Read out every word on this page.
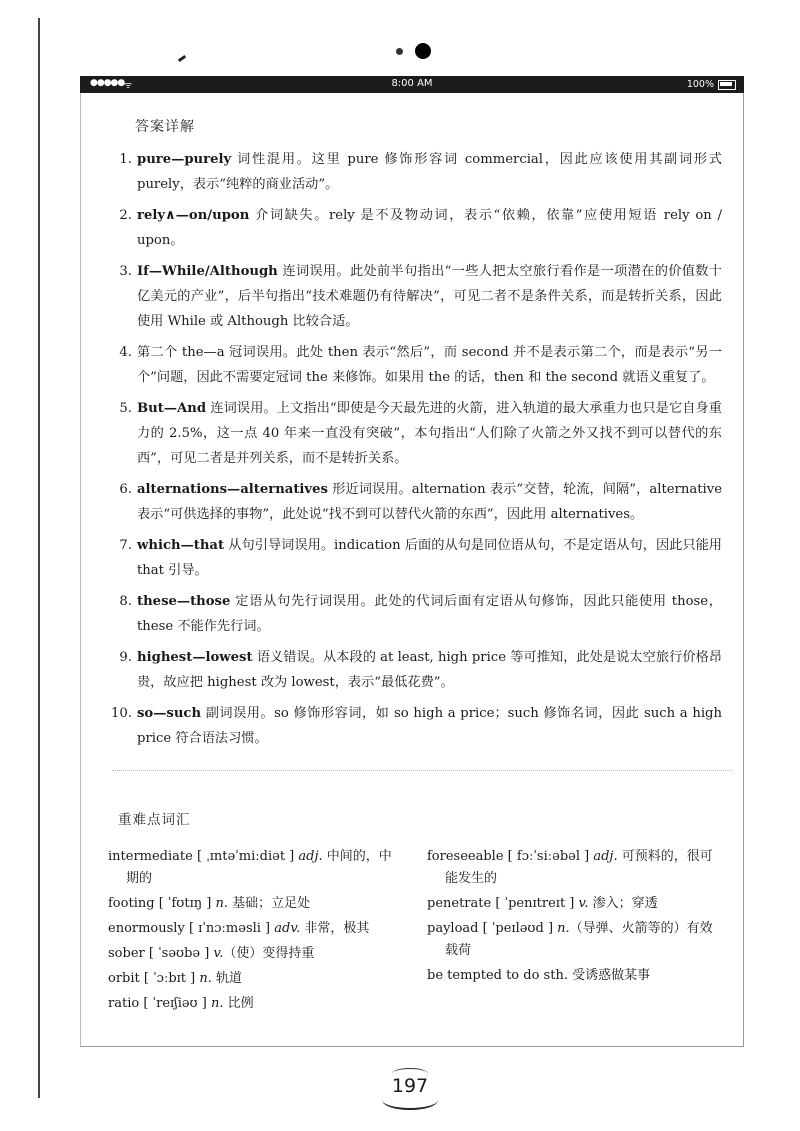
●●●●● ᯤ	8:00 AM	100%
答案详解
1. pure—purely 词性混用。这里 pure 修饰形容词 commercial，因此应该使用其副词形式 purely，表示“纯粹的商业活动”。
2. rely∧—on/upon 介词缺失。rely 是不及物动词，表示“依赖，依靠”应使用短语 rely on / upon。
3. If—While/Although 连词误用。此处前半句指出“一些人把太空旅行看作是一项潜在的价值数十亿美元的产业”，后半句指出“技术难题仍有待解决”，可见二者不是条件关系，而是转折关系，因此使用 While 或 Although 比较合适。
4. 第二个 the—a 冠词误用。此处 then 表示“然后”，而 second 并不是表示第二个，而是表示“另一个”问题，因此不需要定冠词 the 来修饰。如果用 the 的话，then 和 the second 就语义重复了。
5. But—And 连词误用。上文指出“即使是今天最先进的火箭，进入轨道的最大承重力也只是它自身重力的 2.5%，这一点 40 年来一直没有突破”，本句指出“人们除了火箭之外又找不到可以替代的东西”，可见二者是并列关系，而不是转折关系。
6. alternations—alternatives 形近词误用。alternation 表示“交替，轮流，间隔”，alternative 表示“可供选择的事物”，此处说“找不到可以替代火箭的东西”，因此用 alternatives。
7. which—that 从句引导词误用。indication 后面的从句是同位语从句，不是定语从句，因此只能用 that 引导。
8. these—those 定语从句先行词误用。此处的代词后面有定语从句修饰，因此只能使用 those，these 不能作先行词。
9. highest—lowest 语义错误。从本段的 at least, high price 等可推知，此处是说太空旅行价格昂贵，故应把 highest 改为 lowest，表示“最低花费”。
10. so—such 副词误用。so 修饰形容词，如 so high a price；such 修饰名词，因此 such a high price 符合语法习惯。
重难点词汇
intermediate [ ˌɪntəˈmiːdiət ] adj. 中间的，中
期的
footing [ ˈfʊtɪŋ ] n. 基础；立足处
enormously [ ɪˈnɔːməsli ] adv. 非常，极其
sober [ ˈsəʊbə ] v.（使）变得持重
orbit [ ˈɔːbɪt ] n. 轨道
ratio [ ˈreɪʃiəʊ ] n. 比例
foreseeable [ fɔːˈsiːəbəl ] adj. 可预料的，很可
能发生的
penetrate [ ˈpenɪtreɪt ] v. 渗入；穿透
payload [ ˈpeɪləʊd ] n.（导弹、火箭等的）有效
载荷
be tempted to do sth. 受诱惑做某事
197
